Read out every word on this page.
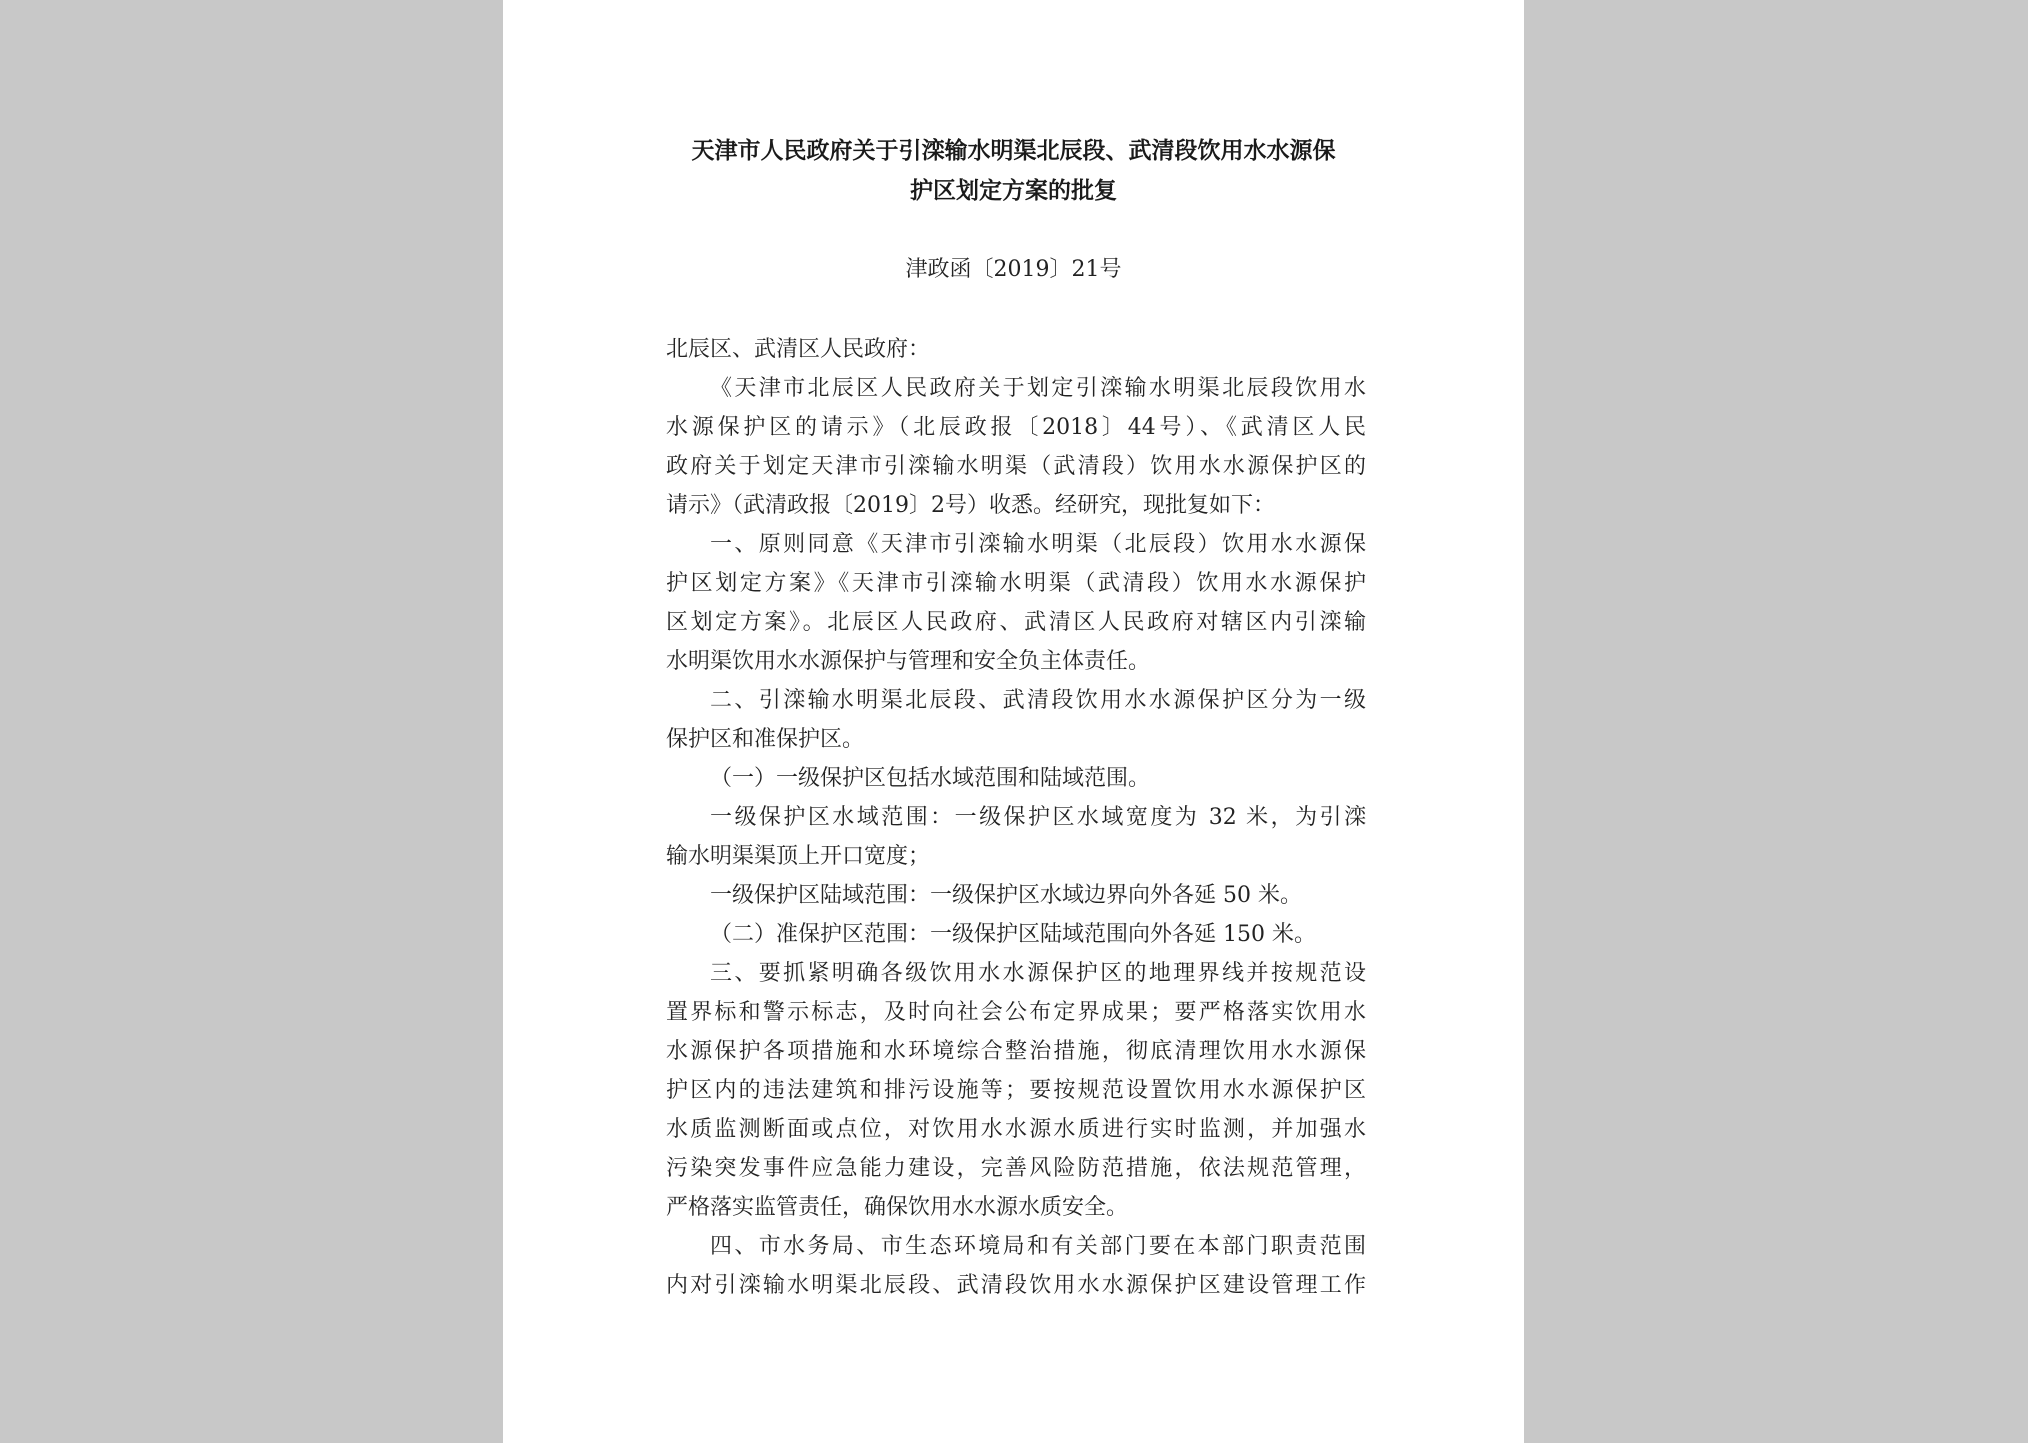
天津市人民政府关于引滦输水明渠北辰段、武清段饮用水水源保
护区划定方案的批复
津政函〔2019〕21号
北辰区、武清区人民政府：
《天津市北辰区人民政府关于划定引滦输水明渠北辰段饮用水
水源保护区的请示》（北辰政报〔2018〕44号）、《武清区人民
政府关于划定天津市引滦输水明渠（武清段）饮用水水源保护区的
请示》（武清政报〔2019〕2号）收悉。经研究，现批复如下：
一、原则同意《天津市引滦输水明渠（北辰段）饮用水水源保
护区划定方案》《天津市引滦输水明渠（武清段）饮用水水源保护
区划定方案》。北辰区人民政府、武清区人民政府对辖区内引滦输
水明渠饮用水水源保护与管理和安全负主体责任。
二、引滦输水明渠北辰段、武清段饮用水水源保护区分为一级
保护区和准保护区。
（一）一级保护区包括水域范围和陆域范围。
一级保护区水域范围：一级保护区水域宽度为 32 米，为引滦
输水明渠渠顶上开口宽度；
一级保护区陆域范围：一级保护区水域边界向外各延 50 米。
（二）准保护区范围：一级保护区陆域范围向外各延 150 米。
三、要抓紧明确各级饮用水水源保护区的地理界线并按规范设
置界标和警示标志，及时向社会公布定界成果；要严格落实饮用水
水源保护各项措施和水环境综合整治措施，彻底清理饮用水水源保
护区内的违法建筑和排污设施等；要按规范设置饮用水水源保护区
水质监测断面或点位，对饮用水水源水质进行实时监测，并加强水
污染突发事件应急能力建设，完善风险防范措施，依法规范管理，
严格落实监管责任，确保饮用水水源水质安全。
四、市水务局、市生态环境局和有关部门要在本部门职责范围
内对引滦输水明渠北辰段、武清段饮用水水源保护区建设管理工作
